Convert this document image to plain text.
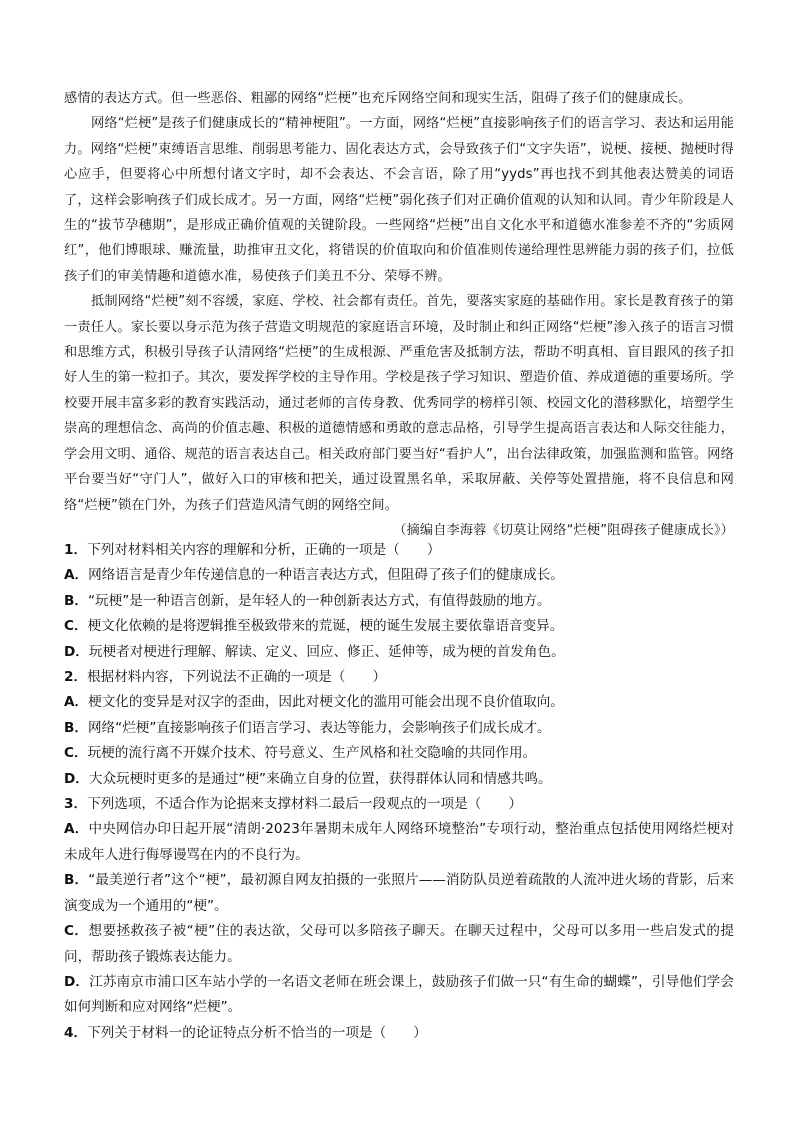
感情的表达方式。但一些恶俗、粗鄙的网络“烂梗”也充斥网络空间和现实生活，阻碍了孩子们的健康成长。

网络“烂梗”是孩子们健康成长的“精神梗阻”。一方面，网络“烂梗”直接影响孩子们的语言学习、表达和运用能力。网络“烂梗”束缚语言思维、削弱思考能力、固化表达方式，会导致孩子们“文字失语”，说梗、接梗、抛梗时得心应手，但要将心中所想付诸文字时，却不会表达、不会言语，除了用“yyds”再也找不到其他表达赞美的词语了，这样会影响孩子们成长成才。另一方面，网络“烂梗”弱化孩子们对正确价值观的认知和认同。青少年阶段是人生的“拔节孕穗期”，是形成正确价值观的关键阶段。一些网络“烂梗”出自文化水平和道德水准参差不齐的“劣质网红”，他们博眼球、赚流量，助推审丑文化，将错误的价值取向和价值准则传递给理性思辨能力弱的孩子们，拉低孩子们的审美情趣和道德水准，易使孩子们美丑不分、荣辱不辨。

抵制网络“烂梗”刻不容缓，家庭、学校、社会都有责任。首先，要落实家庭的基础作用。家长是教育孩子的第一责任人。家长要以身示范为孩子营造文明规范的家庭语言环境，及时制止和纠正网络“烂梗”渗入孩子的语言习惯和思维方式，积极引导孩子认清网络“烂梗”的生成根源、严重危害及抵制方法，帮助不明真相、盲目跟风的孩子扣好人生的第一粒扣子。其次，要发挥学校的主导作用。学校是孩子学习知识、塑造价值、养成道德的重要场所。学校要开展丰富多彩的教育实践活动，通过老师的言传身教、优秀同学的榜样引领、校园文化的潜移默化，培塑学生崇高的理想信念、高尚的价值志趣、积极的道德情感和勇敢的意志品格，引导学生提高语言表达和人际交往能力，学会用文明、通俗、规范的语言表达自己。相关政府部门要当好“看护人”，出台法律政策，加强监测和监管。网络平台要当好“守门人”，做好入口的审核和把关，通过设置黑名单，采取屏蔽、关停等处置措施，将不良信息和网络“烂梗”锁在门外，为孩子们营造风清气朗的网络空间。

（摘编自李海蓉《切莫让网络“烂梗”阻碍孩子健康成长》）

1．下列对材料相关内容的理解和分析，正确的一项是（　　）

A．网络语言是青少年传递信息的一种语言表达方式，但阻碍了孩子们的健康成长。

B．“玩梗”是一种语言创新，是年轻人的一种创新表达方式，有值得鼓励的地方。

C．梗文化依赖的是将逻辑推至极致带来的荒诞，梗的诞生发展主要依靠语音变异。

D．玩梗者对梗进行理解、解读、定义、回应、修正、延伸等，成为梗的首发角色。

2．根据材料内容，下列说法不正确的一项是（　　）

A．梗文化的变异是对汉字的歪曲，因此对梗文化的滥用可能会出现不良价值取向。

B．网络“烂梗”直接影响孩子们语言学习、表达等能力，会影响孩子们成长成才。

C．玩梗的流行离不开媒介技术、符号意义、生产风格和社交隐喻的共同作用。

D．大众玩梗时更多的是通过“梗”来确立自身的位置，获得群体认同和情感共鸣。

3．下列选项，不适合作为论据来支撑材料二最后一段观点的一项是（　　）

A．中央网信办印日起开展“清朗·2023年暑期未成年人网络环境整治”专项行动，整治重点包括使用网络烂梗对未成年人进行侮辱谩骂在内的不良行为。

B．“最美逆行者”这个“梗”，最初源自网友拍摄的一张照片——消防队员逆着疏散的人流冲进火场的背影，后来演变成为一个通用的“梗”。

C．想要拯救孩子被“梗”住的表达欲，父母可以多陪孩子聊天。在聊天过程中，父母可以多用一些启发式的提问，帮助孩子锻炼表达能力。

D．江苏南京市浦口区车站小学的一名语文老师在班会课上，鼓励孩子们做一只“有生命的蝴蝶”，引导他们学会如何判断和应对网络“烂梗”。

4．下列关于材料一的论证特点分析不恰当的一项是（　　）
